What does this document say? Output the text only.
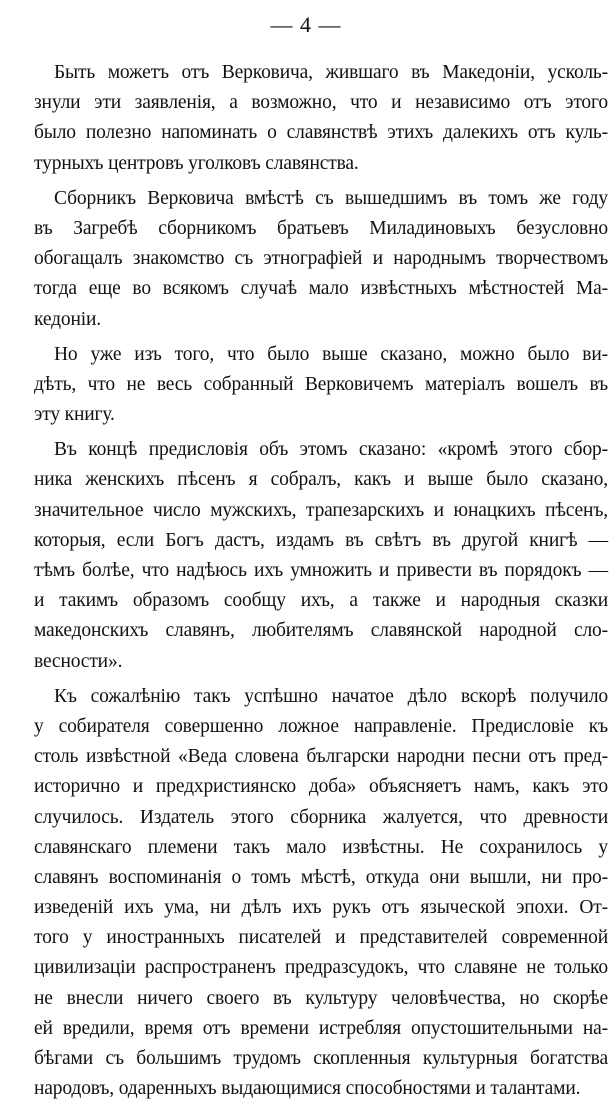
— 4 —
Быть можетъ отъ Верковича, жившаго въ Македоніи, усколь-
знули эти заявленія, а возможно, что и независимо отъ этого
было полезно напоминать о славянствѣ этихъ далекихъ отъ куль-
турныхъ центровъ уголковъ славянства.
Сборникъ Верковича вмѣстѣ съ вышедшимъ въ томъ же году
въ Загребѣ сборникомъ братьевъ Миладиновыхъ безусловно
обогащалъ знакомство съ этнографіей и народнымъ творчествомъ
тогда еще во всякомъ случаѣ мало извѣстныхъ мѣстностей Ма-
кедоніи.
Но уже изъ того, что было выше сказано, можно было ви-
дѣть, что не весь собранный Верковичемъ матеріалъ вошелъ въ
эту книгу.
Въ концѣ предисловія объ этомъ сказано: «кромѣ этого сбор-
ника женскихъ пѣсенъ я собралъ, какъ и выше было сказано,
значительное число мужскихъ, трапезарскихъ и юнацкихъ пѣсенъ,
которыя, если Богъ дастъ, издамъ въ свѣтъ въ другой книгѣ —
тѣмъ болѣе, что надѣюсь ихъ умножить и привести въ порядокъ —
и такимъ образомъ сообщу ихъ, а также и народныя сказки
македонскихъ славянъ, любителямъ славянской народной сло-
весности».
Къ сожалѣнію такъ успѣшно начатое дѣло вскорѣ получило
у собирателя совершенно ложное направленіе. Предисловіе къ
столь извѣстной «Веда словена български народни песни отъ пред-
исторично и предхристиянско доба» объясняетъ намъ, какъ это
случилось. Издатель этого сборника жалуется, что древности
славянскаго племени такъ мало извѣстны. Не сохранилось у
славянъ воспоминанія о томъ мѣстѣ, откуда они вышли, ни про-
изведеній ихъ ума, ни дѣлъ ихъ рукъ отъ языческой эпохи. От-
того у иностранныхъ писателей и представителей современной
цивилизаціи распространенъ предразсудокъ, что славяне не только
не внесли ничего своего въ культуру человѣчества, но скорѣе
ей вредили, время отъ времени истребляя опустошительными на-
бѣгами съ большимъ трудомъ скопленныя культурныя богатства
народовъ, одаренныхъ выдающимися способностями и талантами.
